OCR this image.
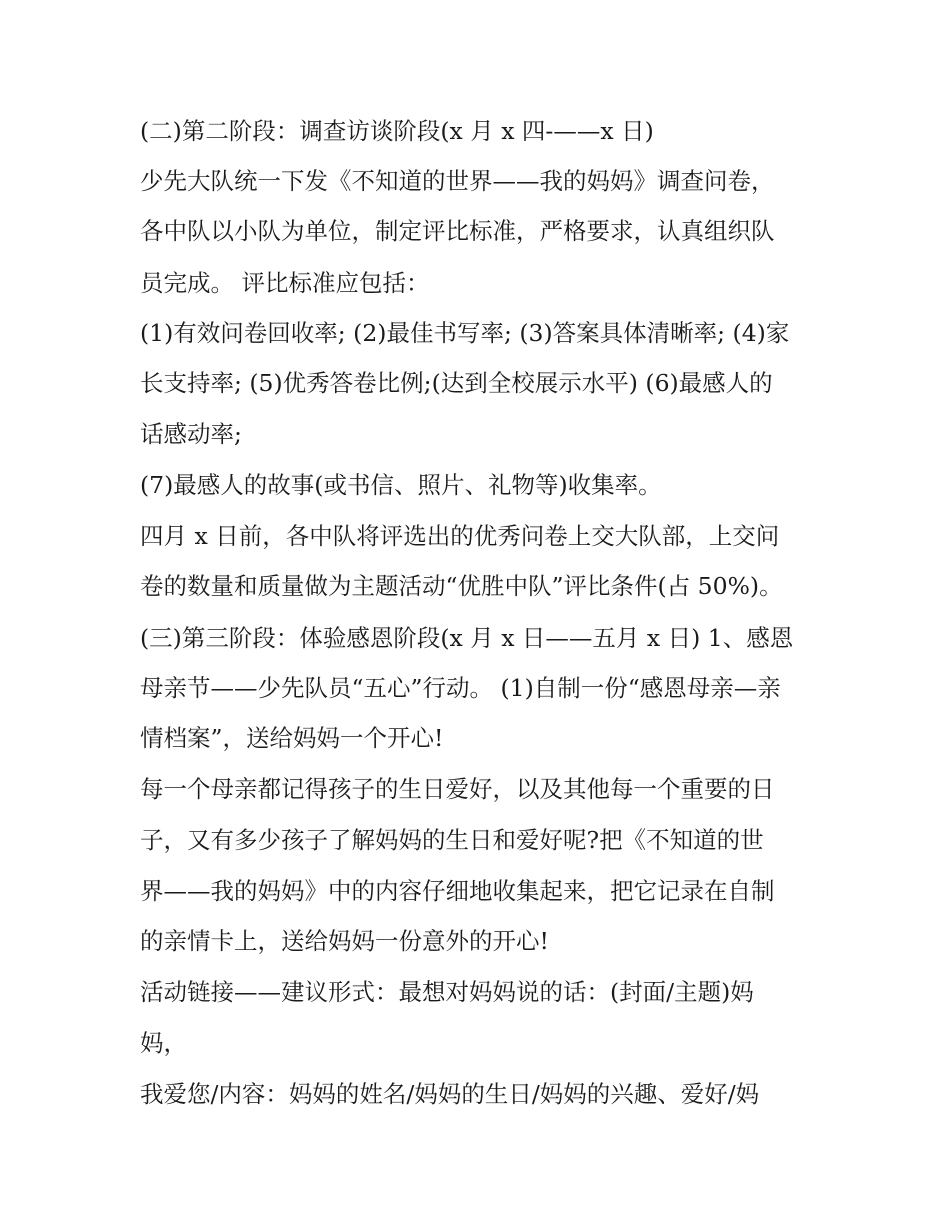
(二)第二阶段：调查访谈阶段(x 月 x 四-——x 日)
少先大队统一下发《不知道的世界——我的妈妈》调查问卷，
各中队以小队为单位，制定评比标准，严格要求，认真组织队
员完成。 评比标准应包括：
(1)有效问卷回收率; (2)最佳书写率; (3)答案具体清晰率; (4)家
长支持率; (5)优秀答卷比例;(达到全校展示水平) (6)最感人的
话感动率;
(7)最感人的故事(或书信、照片、礼物等)收集率。
四月 x 日前，各中队将评选出的优秀问卷上交大队部，上交问
卷的数量和质量做为主题活动“优胜中队”评比条件(占 50%)。
(三)第三阶段：体验感恩阶段(x 月 x 日——五月 x 日) 1、感恩
母亲节——少先队员“五心”行动。 (1)自制一份“感恩母亲—亲
情档案”，送给妈妈一个开心!
每一个母亲都记得孩子的生日爱好，以及其他每一个重要的日
子，又有多少孩子了解妈妈的生日和爱好呢?把《不知道的世
界——我的妈妈》中的内容仔细地收集起来，把它记录在自制
的亲情卡上，送给妈妈一份意外的开心!
活动链接——建议形式：最想对妈妈说的话：(封面/主题)妈
妈，
我爱您/内容：妈妈的姓名/妈妈的生日/妈妈的兴趣、爱好/妈
